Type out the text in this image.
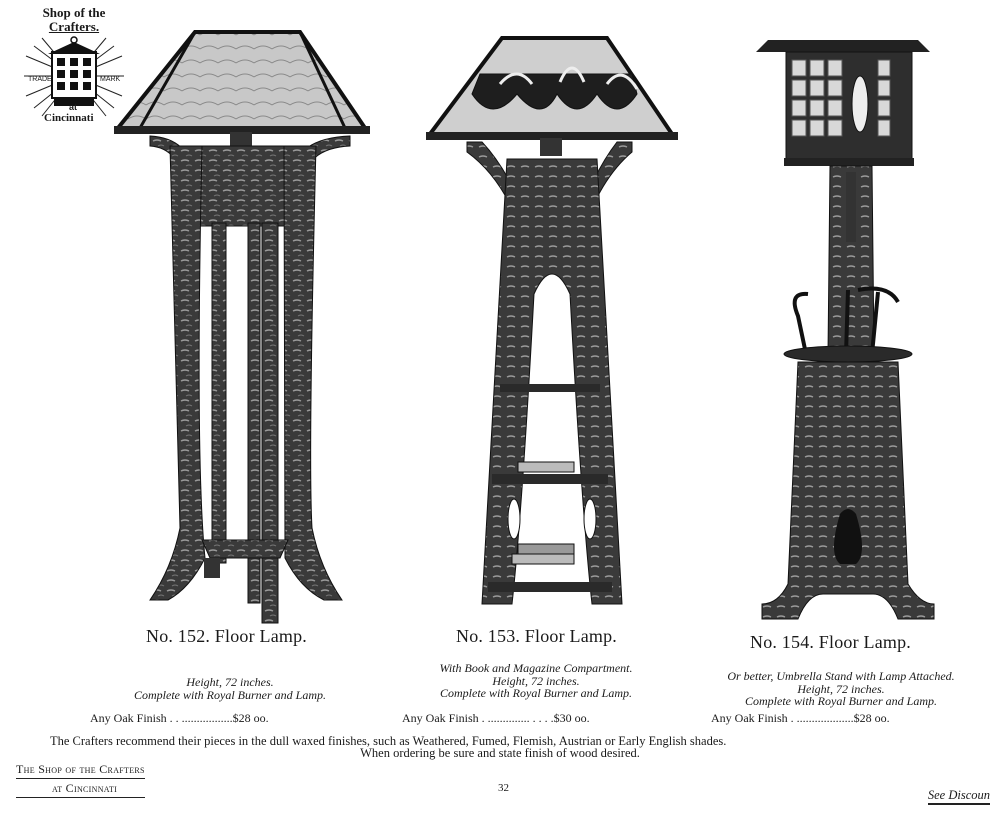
Shop of the
Crafters.
TRADE	MARK
at
Cincinnati
No. 152. Floor Lamp.	No. 153. Floor Lamp.	No. 154. Floor Lamp.
Height, 72 inches.
Complete with Royal Burner and Lamp.
With Book and Magazine Compartment.
Height, 72 inches.
Complete with Royal Burner and Lamp.
Or better, Umbrella Stand with Lamp Attached.
Height, 72 inches.
Complete with Royal Burner and Lamp.
Any Oak Finish . . .................$28 oo.	Any Oak Finish . .............. . . . .$30 oo.	Any Oak Finish . ...................$28 oo.
The Crafters recommend their pieces in the dull waxed finishes, such as Weathered, Fumed, Flemish, Austrian or Early English shades.
When ordering be sure and state finish of wood desired.
The Shop of the Crafters
at Cincinnati	32	See Discoun
